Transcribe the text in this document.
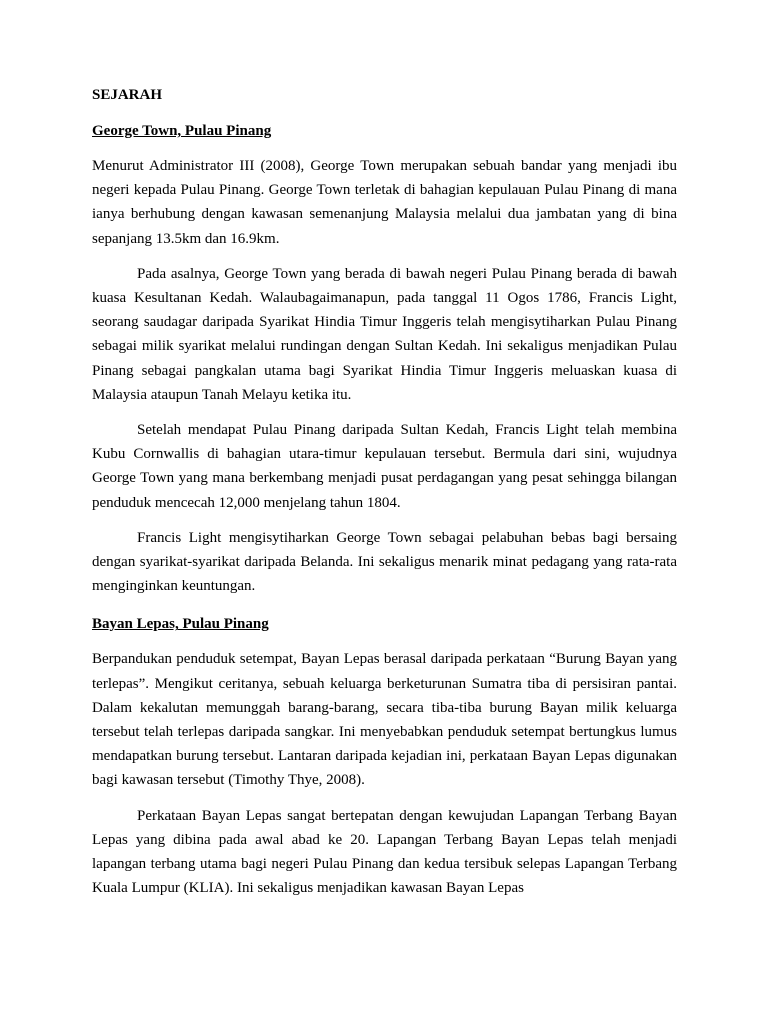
SEJARAH
George Town, Pulau Pinang

Menurut Administrator III (2008), George Town merupakan sebuah bandar yang menjadi ibu negeri kepada Pulau Pinang. George Town terletak di bahagian kepulauan Pulau Pinang di mana ianya berhubung dengan kawasan semenanjung Malaysia melalui dua jambatan yang di bina sepanjang 13.5km dan 16.9km.

Pada asalnya, George Town yang berada di bawah negeri Pulau Pinang berada di bawah kuasa Kesultanan Kedah. Walaubagaimanapun, pada tanggal 11 Ogos 1786, Francis Light, seorang saudagar daripada Syarikat Hindia Timur Inggeris telah mengisytiharkan Pulau Pinang sebagai milik syarikat melalui rundingan dengan Sultan Kedah. Ini sekaligus menjadikan Pulau Pinang sebagai pangkalan utama bagi Syarikat Hindia Timur Inggeris meluaskan kuasa di Malaysia ataupun Tanah Melayu ketika itu.

Setelah mendapat Pulau Pinang daripada Sultan Kedah, Francis Light telah membina Kubu Cornwallis di bahagian utara-timur kepulauan tersebut. Bermula dari sini, wujudnya George Town yang mana berkembang menjadi pusat perdagangan yang pesat sehingga bilangan penduduk mencecah 12,000 menjelang tahun 1804.

Francis Light mengisytiharkan George Town sebagai pelabuhan bebas bagi bersaing dengan syarikat-syarikat daripada Belanda. Ini sekaligus menarik minat pedagang yang rata-rata menginginkan keuntungan.

Bayan Lepas, Pulau Pinang

Berpandukan penduduk setempat, Bayan Lepas berasal daripada perkataan “Burung Bayan yang terlepas”. Mengikut ceritanya, sebuah keluarga berketurunan Sumatra tiba di persisiran pantai. Dalam kekalutan memunggah barang-barang, secara tiba-tiba burung Bayan milik keluarga tersebut telah terlepas daripada sangkar. Ini menyebabkan penduduk setempat bertungkus lumus mendapatkan burung tersebut. Lantaran daripada kejadian ini, perkataan Bayan Lepas digunakan bagi kawasan tersebut (Timothy Thye, 2008).

Perkataan Bayan Lepas sangat bertepatan dengan kewujudan Lapangan Terbang Bayan Lepas yang dibina pada awal abad ke 20. Lapangan Terbang Bayan Lepas telah menjadi lapangan terbang utama bagi negeri Pulau Pinang dan kedua tersibuk selepas Lapangan Terbang Kuala Lumpur (KLIA). Ini sekaligus menjadikan kawasan Bayan Lepas
